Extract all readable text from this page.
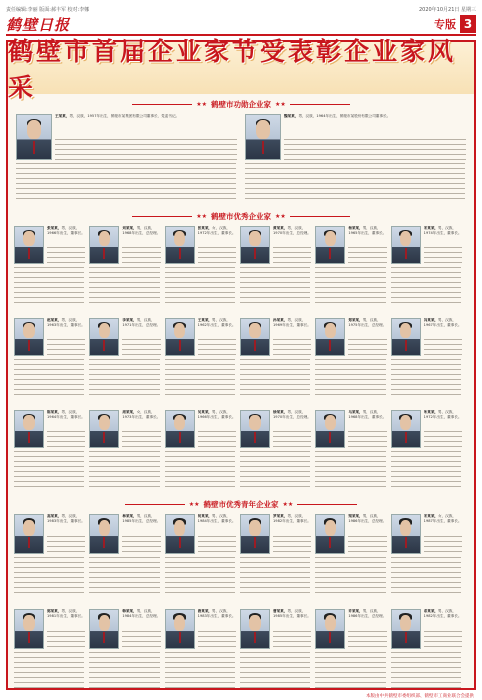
责任编辑:李丽 版面:郝丰军 校对:李娜	2020年10月21日 星期三
鹤壁日报	专版 3
鹤壁市首届企业家节受表彰企业家风采
★★ 鹤壁市功勋企业家 ★★
★★ 鹤壁市优秀企业家 ★★
★★ 鹤壁市优秀青年企业家 ★★
王某某，男，汉族，1957年出生，鹤壁市某集团有限公司董事长、党委书记。	魏某某，男，汉族，1964年出生，鹤壁市某股份有限公司董事长。
张某某，男，汉族，1966年出生，董事长。
刘某某，男，汉族，1968年出生，总经理。
张某某，女，汉族，1972年出生，董事长。
黄某某，男，汉族，1970年出生，总经理。
杨某某，男，汉族，1965年出生，董事长。
宋某某，男，汉族，1974年出生，董事长。
赵某某，男，汉族，1963年出生，董事长。
李某某，男，汉族，1971年出生，总经理。
王某某，男，汉族，1962年出生，董事长。
孙某某，男，汉族，1969年出生，董事长。
郑某某，男，汉族，1975年出生，总经理。
冯某某，男，汉族，1967年出生，董事长。
陈某某，男，汉族，1964年出生，董事长。
周某某，女，汉族，1973年出生，董事长。
吴某某，男，汉族，1966年出生，董事长。
徐某某，男，汉族，1970年出生，总经理。
马某某，男，汉族，1968年出生，董事长。
朱某某，男，汉族，1972年出生，董事长。
高某某，男，汉族，1983年出生，董事长。
林某某，男，汉族，1985年出生，总经理。
何某某，男，汉族，1984年出生，董事长。
罗某某，男，汉族，1982年出生，董事长。
梁某某，男，汉族，1986年出生，总经理。
宋某某，女，汉族，1987年出生，董事长。
郭某某，男，汉族，1981年出生，董事长。
韩某某，男，汉族，1984年出生，总经理。
唐某某，男，汉族，1983年出生，董事长。
曹某某，男，汉族，1985年出生，董事长。
许某某，男，汉族，1986年出生，总经理。
邓某某，男，汉族，1982年出生，董事长。
本版由中共鹤壁市委组织部、鹤壁市工商业联合会提供
